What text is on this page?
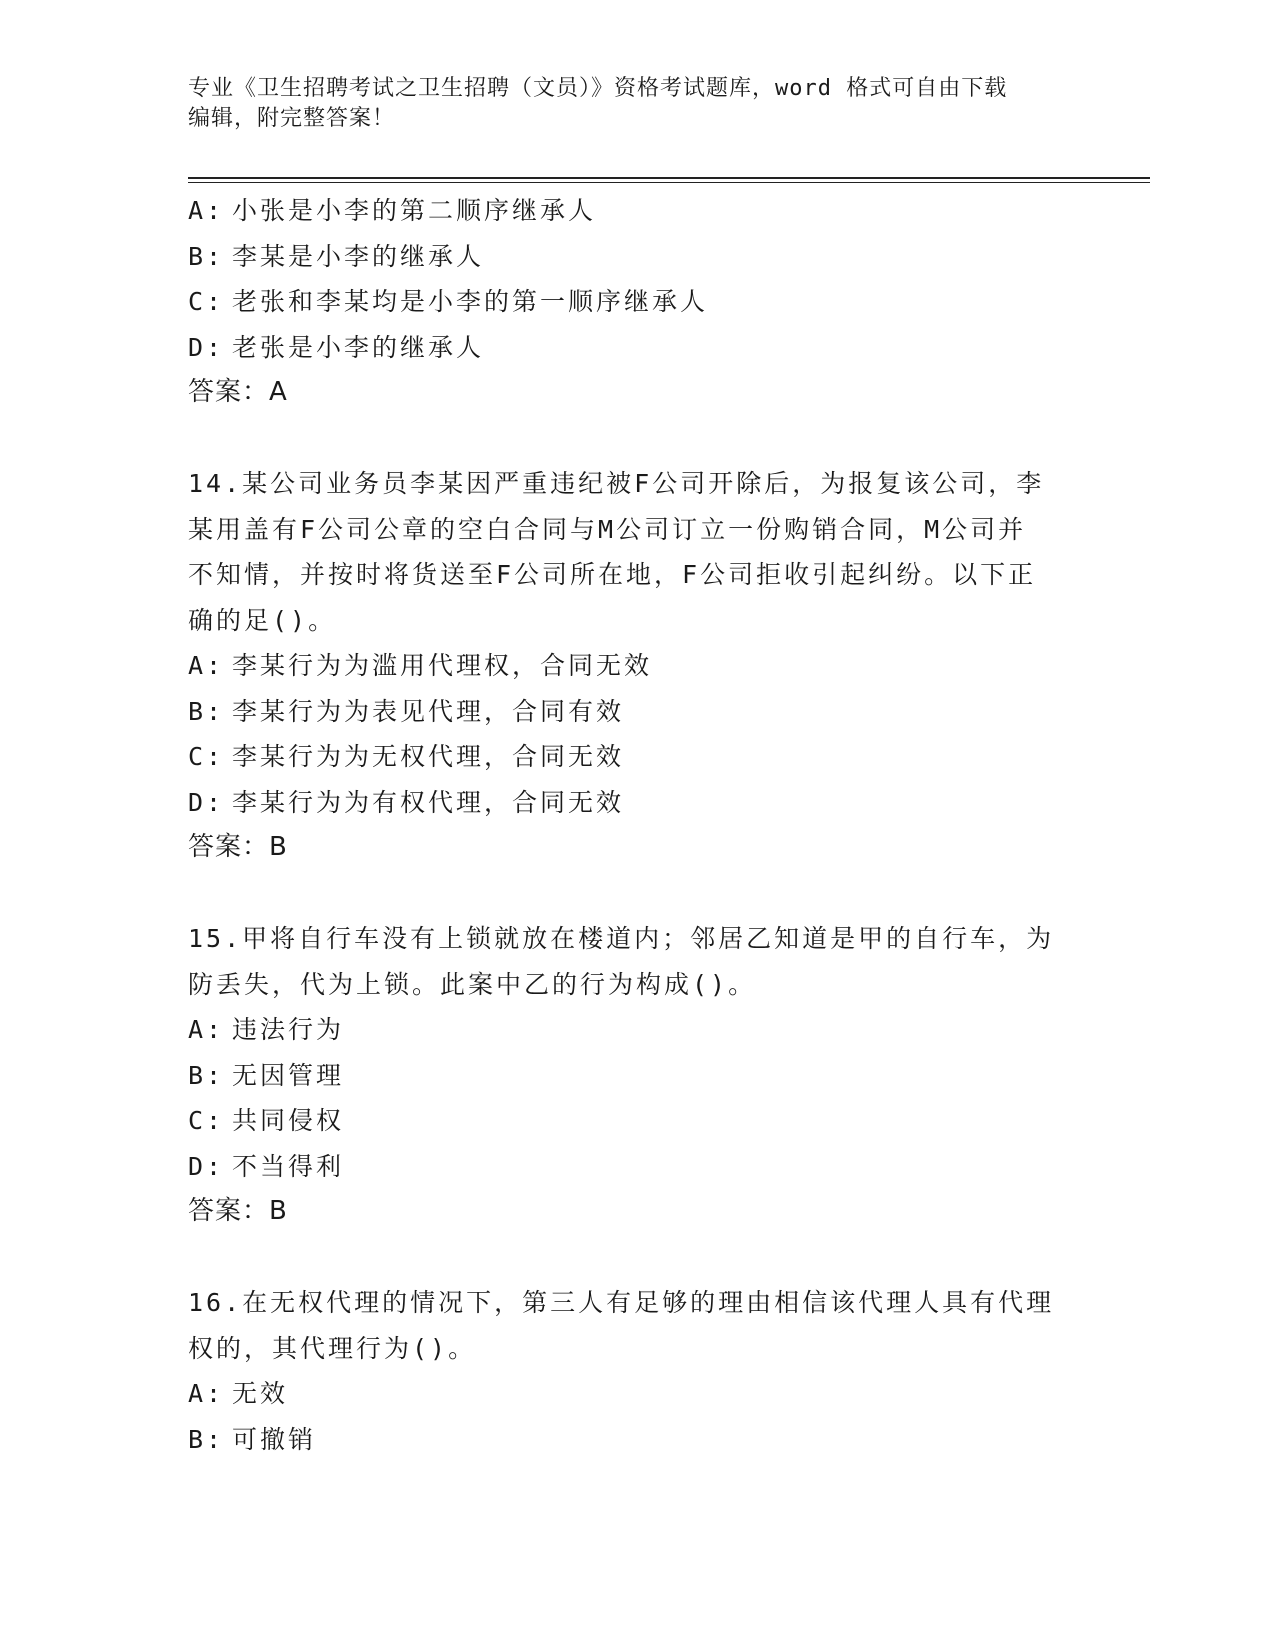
专业《卫生招聘考试之卫生招聘（文员）》资格考试题库，word 格式可自由下载
编辑，附完整答案！
A: 小张是小李的第二顺序继承人
B: 李某是小李的继承人
C: 老张和李某均是小李的第一顺序继承人
D: 老张是小李的继承人
答案：A
14.某公司业务员李某因严重违纪被F公司开除后，为报复该公司，李
某用盖有F公司公章的空白合同与M公司订立一份购销合同，M公司并
不知情，并按时将货送至F公司所在地，F公司拒收引起纠纷。以下正
确的足()。
A: 李某行为为滥用代理权，合同无效
B: 李某行为为表见代理，合同有效
C: 李某行为为无权代理，合同无效
D: 李某行为为有权代理，合同无效
答案：B
15.甲将自行车没有上锁就放在楼道内；邻居乙知道是甲的自行车，为
防丢失，代为上锁。此案中乙的行为构成()。
A: 违法行为
B: 无因管理
C: 共同侵权
D: 不当得利
答案：B
16.在无权代理的情况下，第三人有足够的理由相信该代理人具有代理
权的，其代理行为()。
A: 无效
B: 可撤销
